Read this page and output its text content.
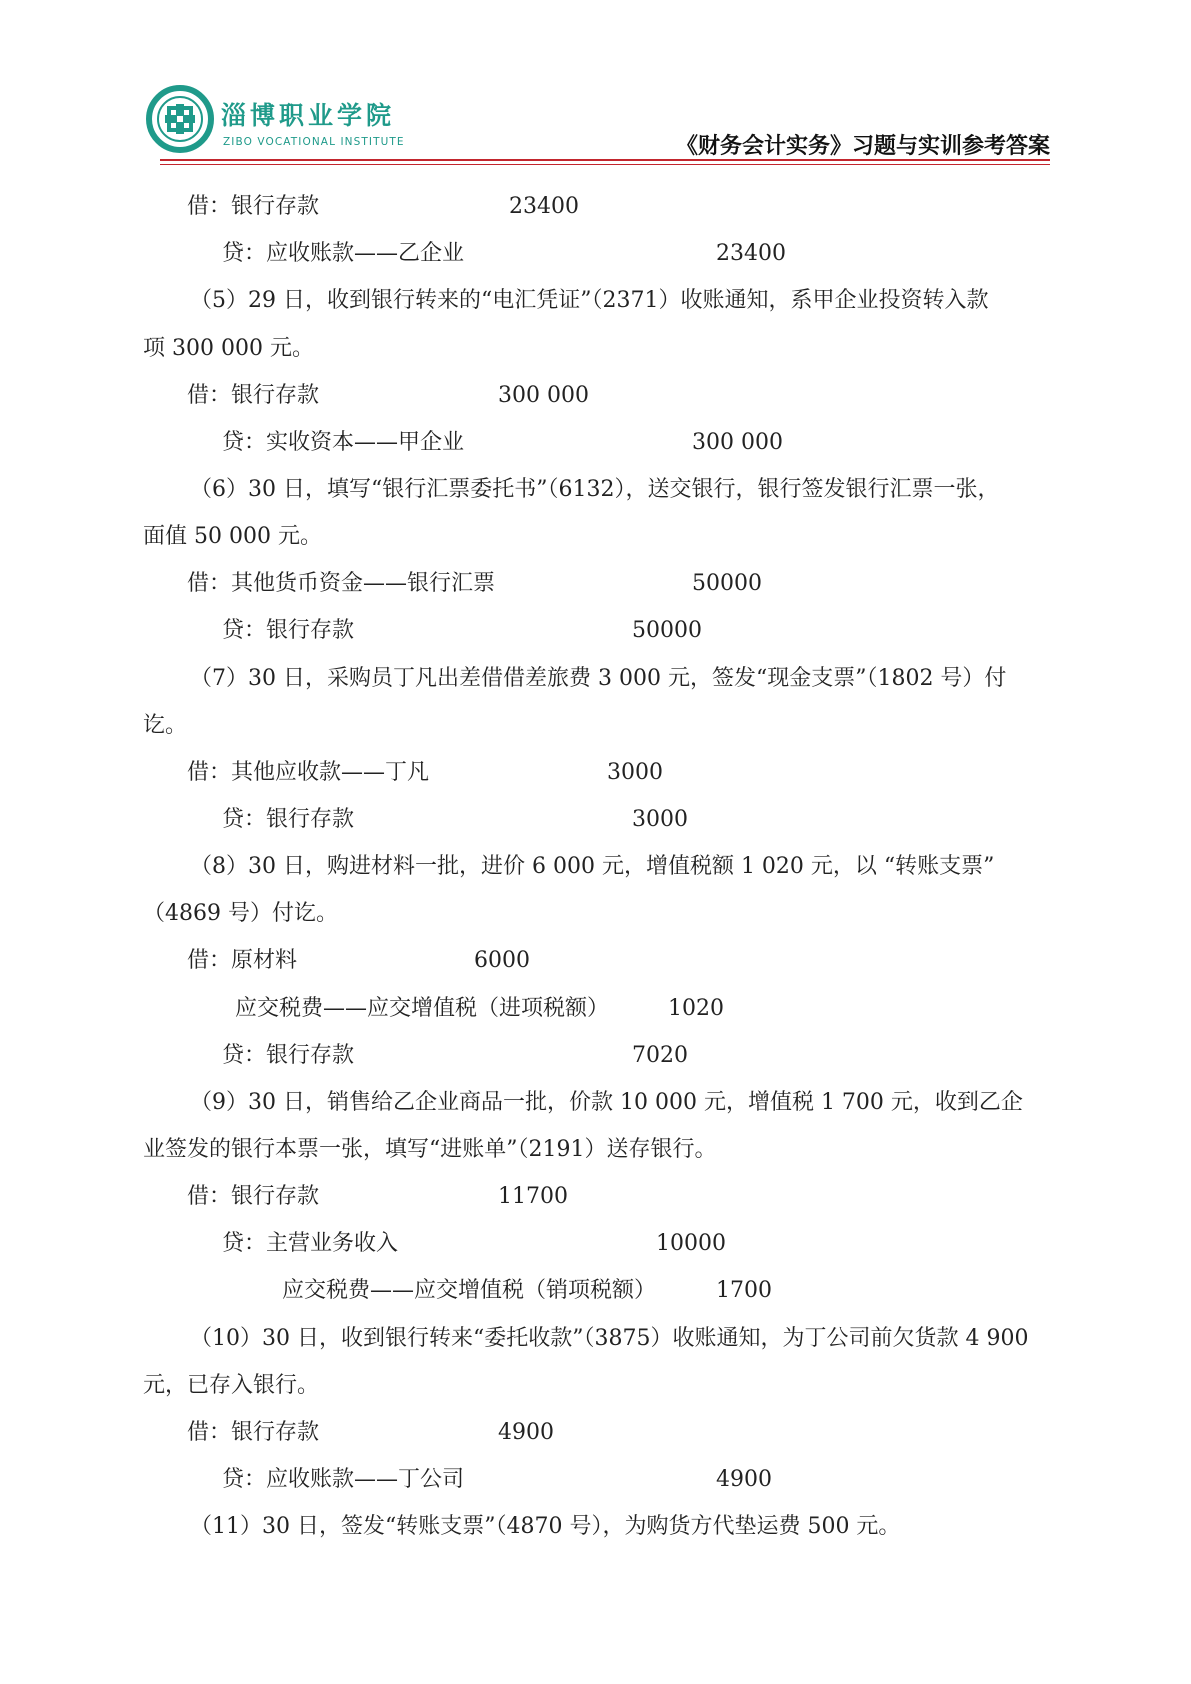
淄博职业学院
ZIBO VOCATIONAL INSTITUTE	《财务会计实务》习题与实训参考答案
借：银行存款	23400
贷：应收账款——乙企业	23400
（5）29 日，收到银行转来的“电汇凭证”（2371）收账通知，系甲企业投资转入款
项 300 000 元。
借：银行存款	300 000
贷：实收资本——甲企业	300 000
（6）30 日，填写“银行汇票委托书”（6132），送交银行，银行签发银行汇票一张，
面值 50 000 元。
借：其他货币资金——银行汇票	50000
贷：银行存款	50000
（7）30 日，采购员丁凡出差借借差旅费 3 000 元，签发“现金支票”（1802 号）付
讫。
借：其他应收款——丁凡	3000
贷：银行存款	3000
（8）30 日，购进材料一批，进价 6 000 元，增值税额 1 020 元，以 “转账支票”
（4869 号）付讫。
借：原材料	6000
应交税费——应交增值税（进项税额）	1020
贷：银行存款	7020
（9）30 日，销售给乙企业商品一批，价款 10 000 元，增值税 1 700 元，收到乙企
业签发的银行本票一张，填写“进账单”（2191）送存银行。
借：银行存款	11700
贷：主营业务收入	10000
应交税费——应交增值税（销项税额）	1700
（10）30 日，收到银行转来“委托收款”（3875）收账通知，为丁公司前欠货款 4 900
元，已存入银行。
借：银行存款	4900
贷：应收账款——丁公司	4900
（11）30 日，签发“转账支票”（4870 号），为购货方代垫运费 500 元。
